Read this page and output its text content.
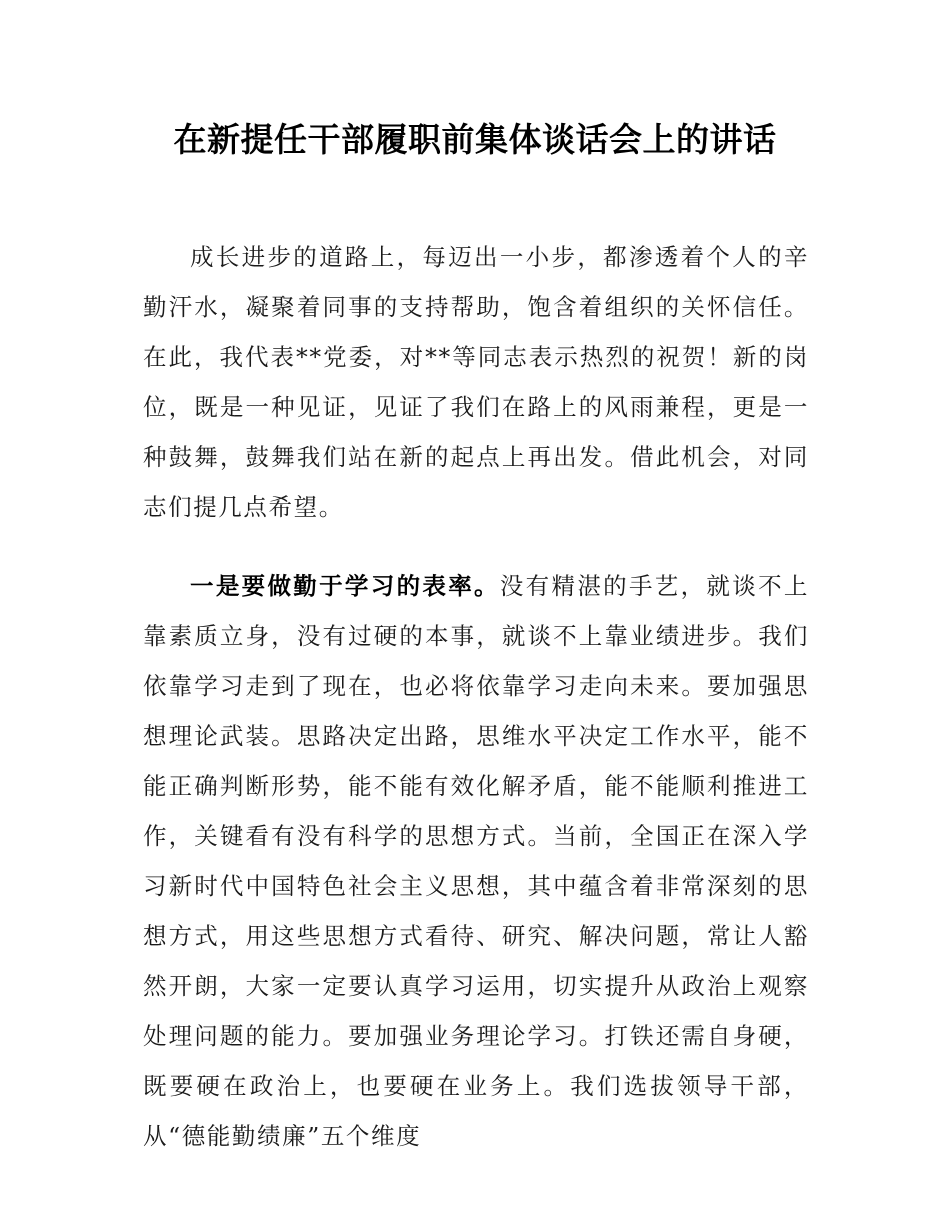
在新提任干部履职前集体谈话会上的讲话

成长进步的道路上，每迈出一小步，都渗透着个人的辛勤汗水，凝聚着同事的支持帮助，饱含着组织的关怀信任。在此，我代表**党委，对**等同志表示热烈的祝贺！新的岗位，既是一种见证，见证了我们在路上的风雨兼程，更是一种鼓舞，鼓舞我们站在新的起点上再出发。借此机会，对同志们提几点希望。

一是要做勤于学习的表率。没有精湛的手艺，就谈不上靠素质立身，没有过硬的本事，就谈不上靠业绩进步。我们依靠学习走到了现在，也必将依靠学习走向未来。要加强思想理论武装。思路决定出路，思维水平决定工作水平，能不能正确判断形势，能不能有效化解矛盾，能不能顺利推进工作，关键看有没有科学的思想方式。当前，全国正在深入学习新时代中国特色社会主义思想，其中蕴含着非常深刻的思想方式，用这些思想方式看待、研究、解决问题，常让人豁然开朗，大家一定要认真学习运用，切实提升从政治上观察处理问题的能力。要加强业务理论学习。打铁还需自身硬，既要硬在政治上，也要硬在业务上。我们选拔领导干部，从“德能勤绩廉”五个维度
